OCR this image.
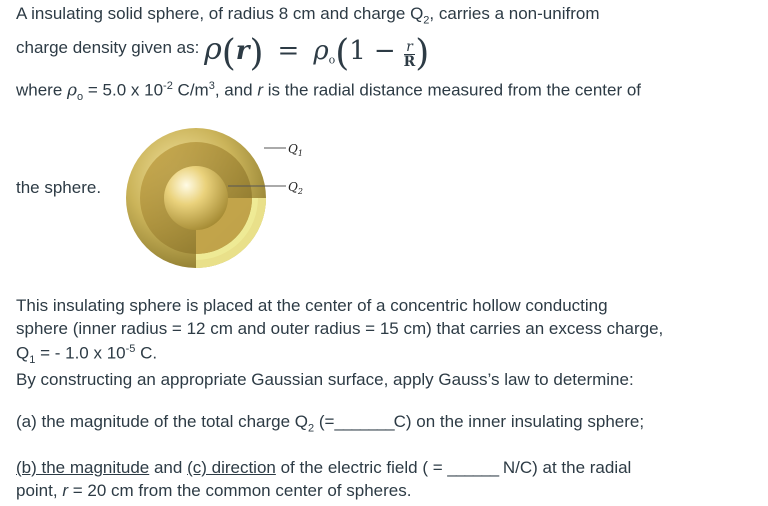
A insulating solid sphere, of radius 8 cm and charge $Q_2$, carries a non-unifrom
charge density given as: $\rho(r) = \rho_o(1 - \frac{r}{R}$ )
where $\rho_o = 5.0$ x $10^{-2}$ $C/m^3$, and r is the radial distance measured from the center of
the sphere.
$Q_1$
$Q_2$
This insulating sphere is placed at the center of a concentric hollow conducting
sphere (inner radius = 12 cm and outer radius = 15 cm) that carries an excess charge,
$Q_1$ = - 1.0 x $10^{-5}$ C.
By constructing an appropriate Gaussian surface, apply Gauss’s law to determine:
(a) the magnitude of the total charge $Q_2$ (=_______C) on the inner insulating sphere;
(b) the magnitude and (c) direction of the electric field ( = ______ N/C) at the radial
point, r = 20 cm from the common center of spheres.
